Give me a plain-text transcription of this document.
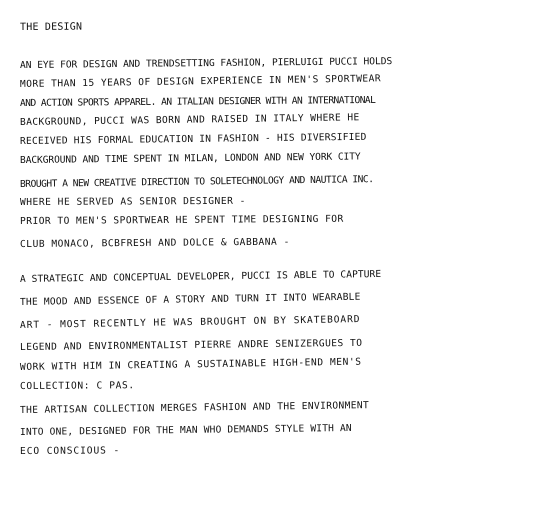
THE DESIGN
AN EYE FOR DESIGN AND TRENDSETTING FASHION, PIERLUIGI PUCCI HOLDS
MORE THAN 15 YEARS OF DESIGN EXPERIENCE IN MEN'S SPORTWEAR
AND ACTION SPORTS APPAREL. AN ITALIAN DESIGNER WITH AN INTERNATIONAL
BACKGROUND, PUCCI WAS BORN AND RAISED IN ITALY WHERE HE
RECEIVED HIS FORMAL EDUCATION IN FASHION - HIS DIVERSIFIED
BACKGROUND AND TIME SPENT IN MILAN, LONDON AND NEW YORK CITY
BROUGHT A NEW CREATIVE DIRECTION TO SOLETECHNOLOGY AND NAUTICA INC.
WHERE HE SERVED AS SENIOR DESIGNER -
PRIOR TO MEN'S SPORTWEAR HE SPENT TIME DESIGNING FOR
CLUB MONACO, BCBFRESH AND DOLCE & GABBANA -
A STRATEGIC AND CONCEPTUAL DEVELOPER, PUCCI IS ABLE TO CAPTURE
THE MOOD AND ESSENCE OF A STORY AND TURN IT INTO WEARABLE
ART - MOST RECENTLY HE WAS BROUGHT ON BY SKATEBOARD
LEGEND AND ENVIRONMENTALIST PIERRE ANDRE SENIZERGUES TO
WORK WITH HIM IN CREATING A SUSTAINABLE HIGH-END MEN'S
COLLECTION: C PAS.
THE ARTISAN COLLECTION MERGES FASHION AND THE ENVIRONMENT
INTO ONE, DESIGNED FOR THE MAN WHO DEMANDS STYLE WITH AN
ECO CONSCIOUS -
